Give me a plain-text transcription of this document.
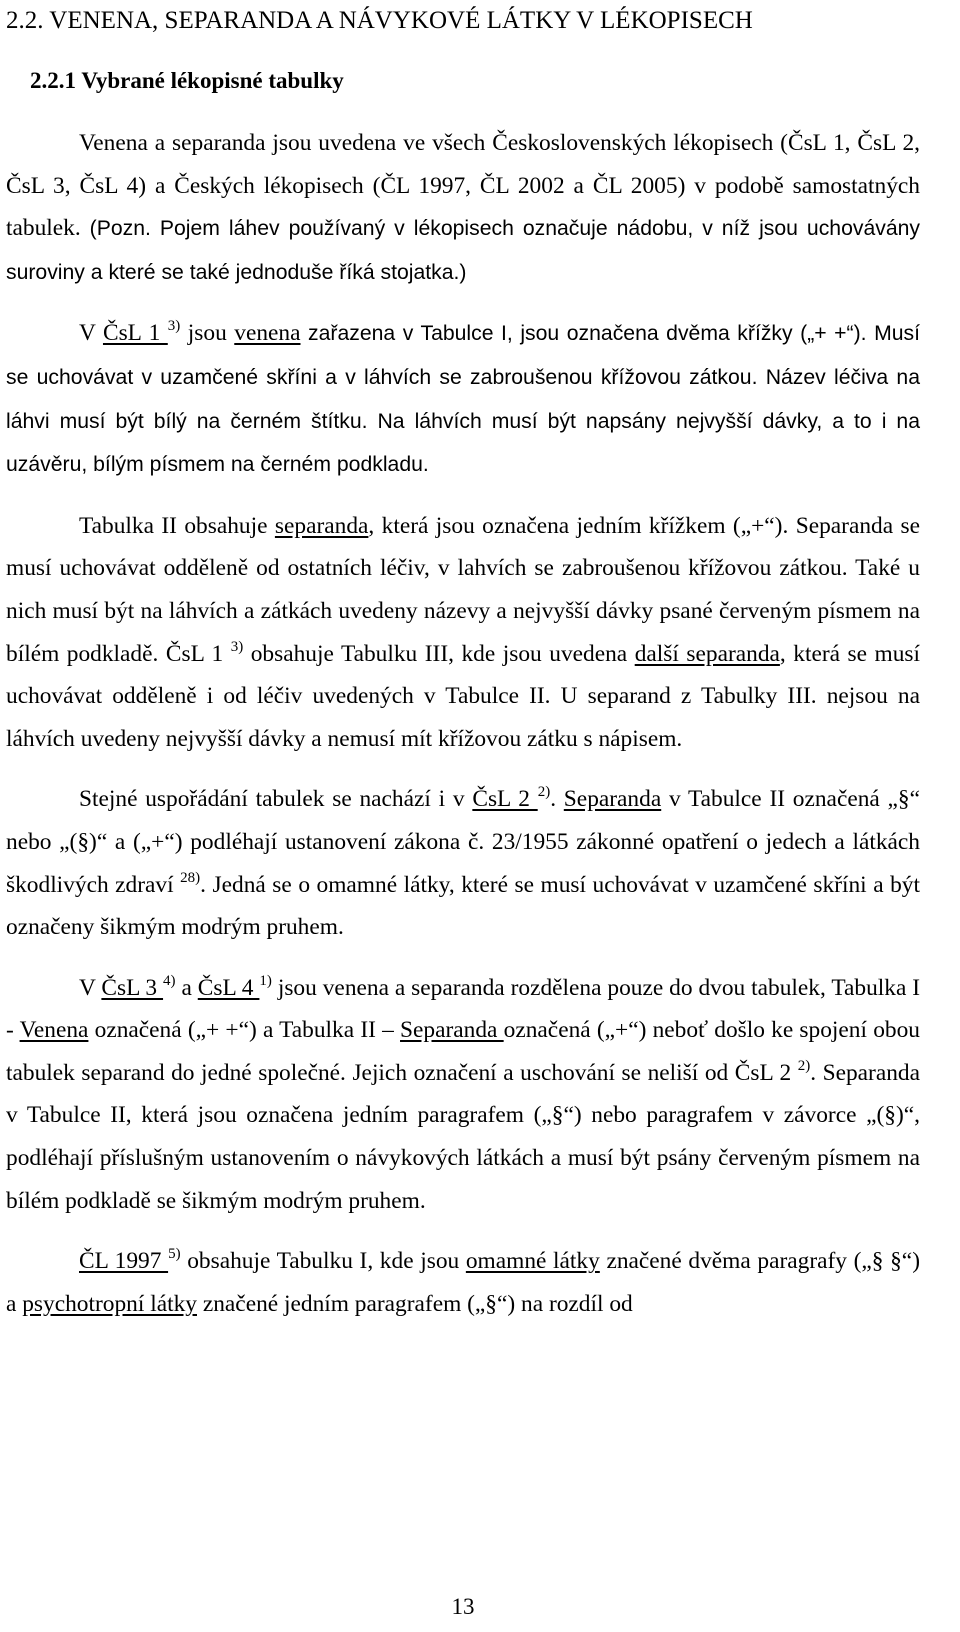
2.2. VENENA, SEPARANDA A NÁVYKOVÉ LÁTKY V LÉKOPISECH
2.2.1 Vybrané lékopisné tabulky

Venena a separanda jsou uvedena ve všech Československých lékopisech (ČsL 1, ČsL 2, ČsL 3, ČsL 4) a Českých lékopisech (ČL 1997, ČL 2002 a ČL 2005) v podobě samostatných tabulek. (Pozn. Pojem láhev používaný v lékopisech označuje nádobu, v níž jsou uchovávány suroviny a které se také jednoduše říká stojatka.)

V ČsL 1 $^{3)}$ jsou venena zařazena v Tabulce I, jsou označena dvěma křížky („+ +“). Musí se uchovávat v uzamčené skříni a v láhvích se zabroušenou křížovou zátkou. Název léčiva na láhvi musí být bílý na černém štítku. Na láhvích musí být napsány nejvyšší dávky, a to i na uzávěru, bílým písmem na černém podkladu.

Tabulka II obsahuje separanda, která jsou označena jedním křížkem („+“). Separanda se musí uchovávat odděleně od ostatních léčiv, v lahvích se zabroušenou křížovou zátkou. Také u nich musí být na láhvích a zátkách uvedeny názevy a nejvyšší dávky psané červeným písmem na bílém podkladě. ČsL 1 $^{3)}$ obsahuje Tabulku III, kde jsou uvedena další separanda, která se musí uchovávat odděleně i od léčiv uvedených v Tabulce II. U separand z Tabulky III. nejsou na láhvích uvedeny nejvyšší dávky a nemusí mít křížovou zátku s nápisem.

Stejné uspořádání tabulek se nachází i v ČsL 2 $^{2)}$. Separanda v Tabulce II označená „§“ nebo „(§)“ a („+“) podléhají ustanovení zákona č. 23/1955 zákonné opatření o jedech a látkách škodlivých zdraví $^{28)}$. Jedná se o omamné látky, které se musí uchovávat v uzamčené skříni a být označeny šikmým modrým pruhem.

V ČsL 3 $^{4)}$ a ČsL 4 $^{1)}$ jsou venena a separanda rozdělena pouze do dvou tabulek, Tabulka I - Venena označená („+ +“) a Tabulka II – Separanda označená („+“) neboť došlo ke spojení obou tabulek separand do jedné společné. Jejich označení a uschování se neliší od ČsL 2 $^{2)}$. Separanda v Tabulce II, která jsou označena jedním paragrafem („§“) nebo paragrafem v závorce „(§)“, podléhají příslušným ustanovením o návykových látkách a musí být psány červeným písmem na bílém podkladě se šikmým modrým pruhem.

ČL 1997 $^{5)}$ obsahuje Tabulku I, kde jsou omamné látky značené dvěma paragrafy („§ §“) a psychotropní látky značené jedním paragrafem („§“) na rozdíl od

13
